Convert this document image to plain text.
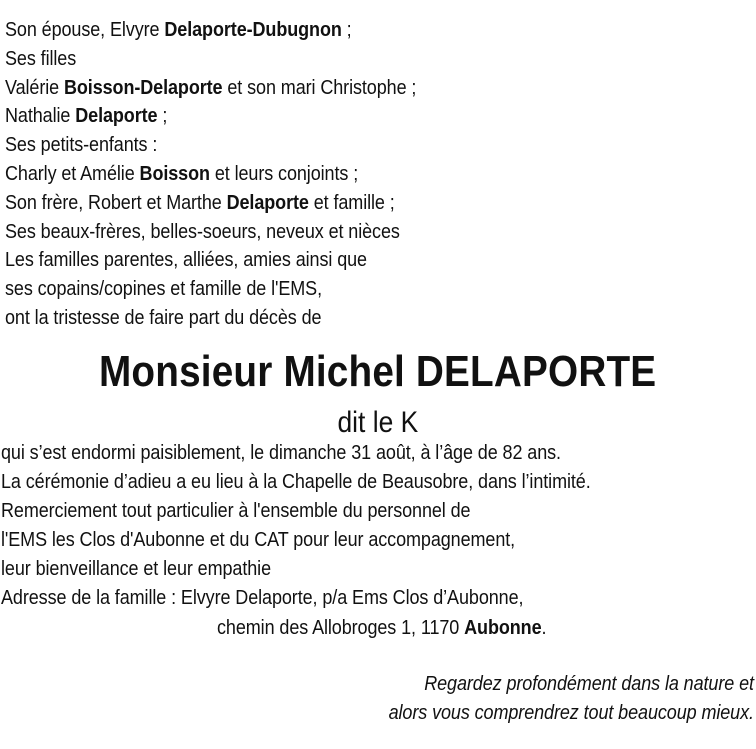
Son épouse, Elvyre Delaporte-Dubugnon ;
Ses filles
Valérie Boisson-Delaporte et son mari Christophe ;
Nathalie Delaporte ;
Ses petits-enfants :
Charly et Amélie Boisson et leurs conjoints ;
Son frère, Robert et Marthe Delaporte et famille ;
Ses beaux-frères, belles-soeurs, neveux et nièces
Les familles parentes, alliées, amies ainsi que
ses copains/copines et famille de l'EMS,
ont la tristesse de faire part du décès de
Monsieur Michel DELAPORTE
dit le K
qui s’est endormi paisiblement, le dimanche 31 août, à l’âge de 82 ans.
La cérémonie d’adieu a eu lieu à la Chapelle de Beausobre, dans l’intimité.
Remerciement tout particulier à l'ensemble du personnel de
l'EMS les Clos d'Aubonne et du CAT pour leur accompagnement,
leur bienveillance et leur empathie
Adresse de la famille : Elvyre Delaporte, p/a Ems Clos d’Aubonne,
chemin des Allobroges 1, 1170 Aubonne.
Regardez profondément dans la nature et
alors vous comprendrez tout beaucoup mieux.
